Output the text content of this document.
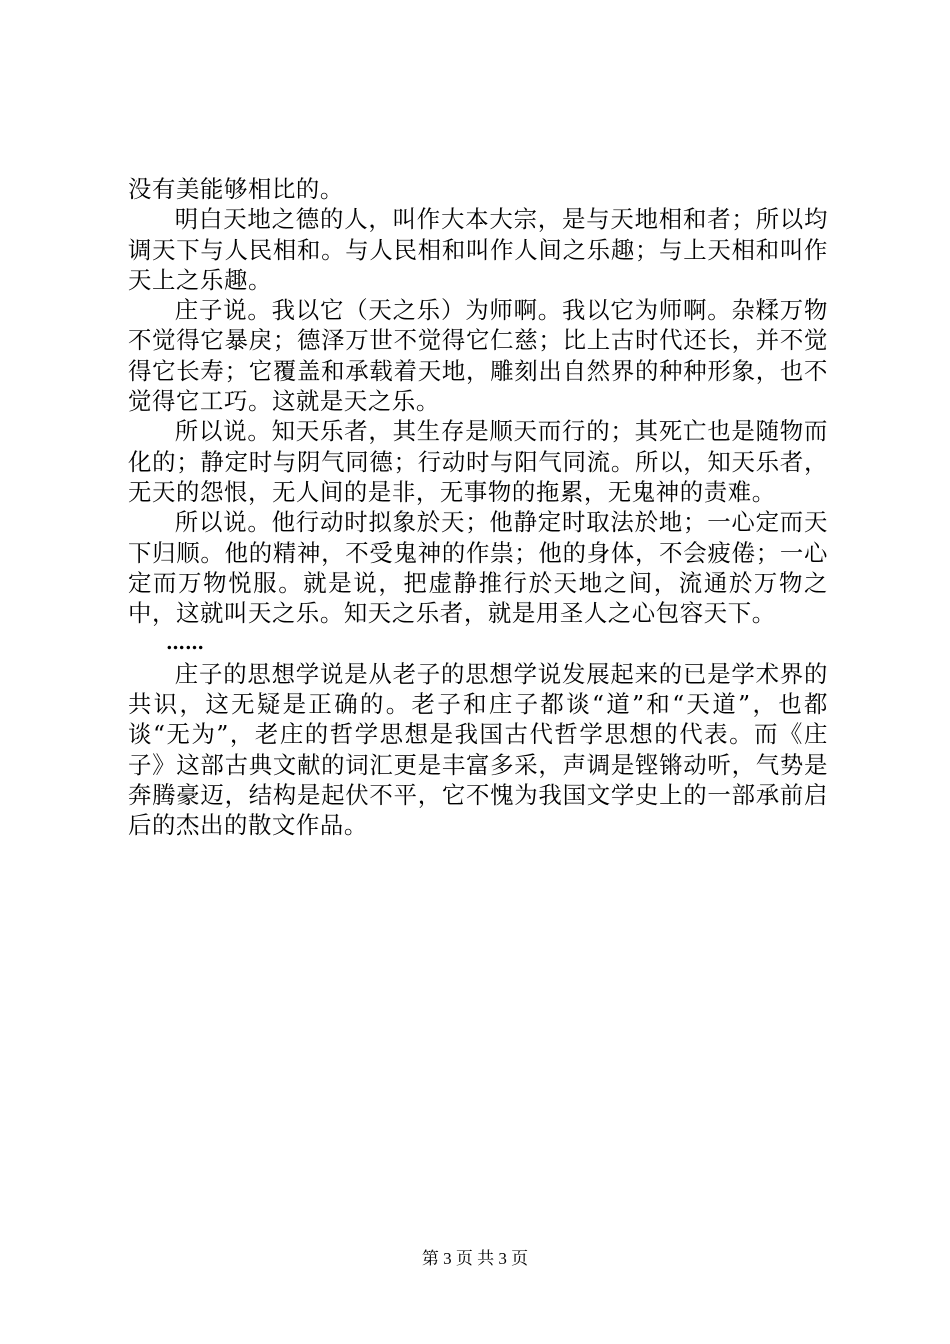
没有美能够相比的。

明白天地之德的人，叫作大本大宗，是与天地相和者；所以均调天下与人民相和。与人民相和叫作人间之乐趣；与上天相和叫作天上之乐趣。

庄子说。我以它（天之乐）为师啊。我以它为师啊。杂糅万物不觉得它暴戾；德泽万世不觉得它仁慈；比上古时代还长，并不觉得它长寿；它覆盖和承载着天地，雕刻出自然界的种种形象，也不觉得它工巧。这就是天之乐。

所以说。知天乐者，其生存是顺天而行的；其死亡也是随物而化的；静定时与阴气同德；行动时与阳气同流。所以，知天乐者，无天的怨恨，无人间的是非，无事物的拖累，无鬼神的责难。

所以说。他行动时拟象於天；他静定时取法於地；一心定而天下归顺。他的精神，不受鬼神的作祟；他的身体，不会疲倦；一心定而万物悦服。就是说，把虚静推行於天地之间，流通於万物之中，这就叫天之乐。知天之乐者，就是用圣人之心包容天下。

……

庄子的思想学说是从老子的思想学说发展起来的已是学术界的共识，这无疑是正确的。老子和庄子都谈“道”和“天道”，也都谈“无为”，老庄的哲学思想是我国古代哲学思想的代表。而《庄子》这部古典文献的词汇更是丰富多采，声调是铿锵动听，气势是奔腾豪迈，结构是起伏不平，它不愧为我国文学史上的一部承前启后的杰出的散文作品。

第 3 页 共 3 页
